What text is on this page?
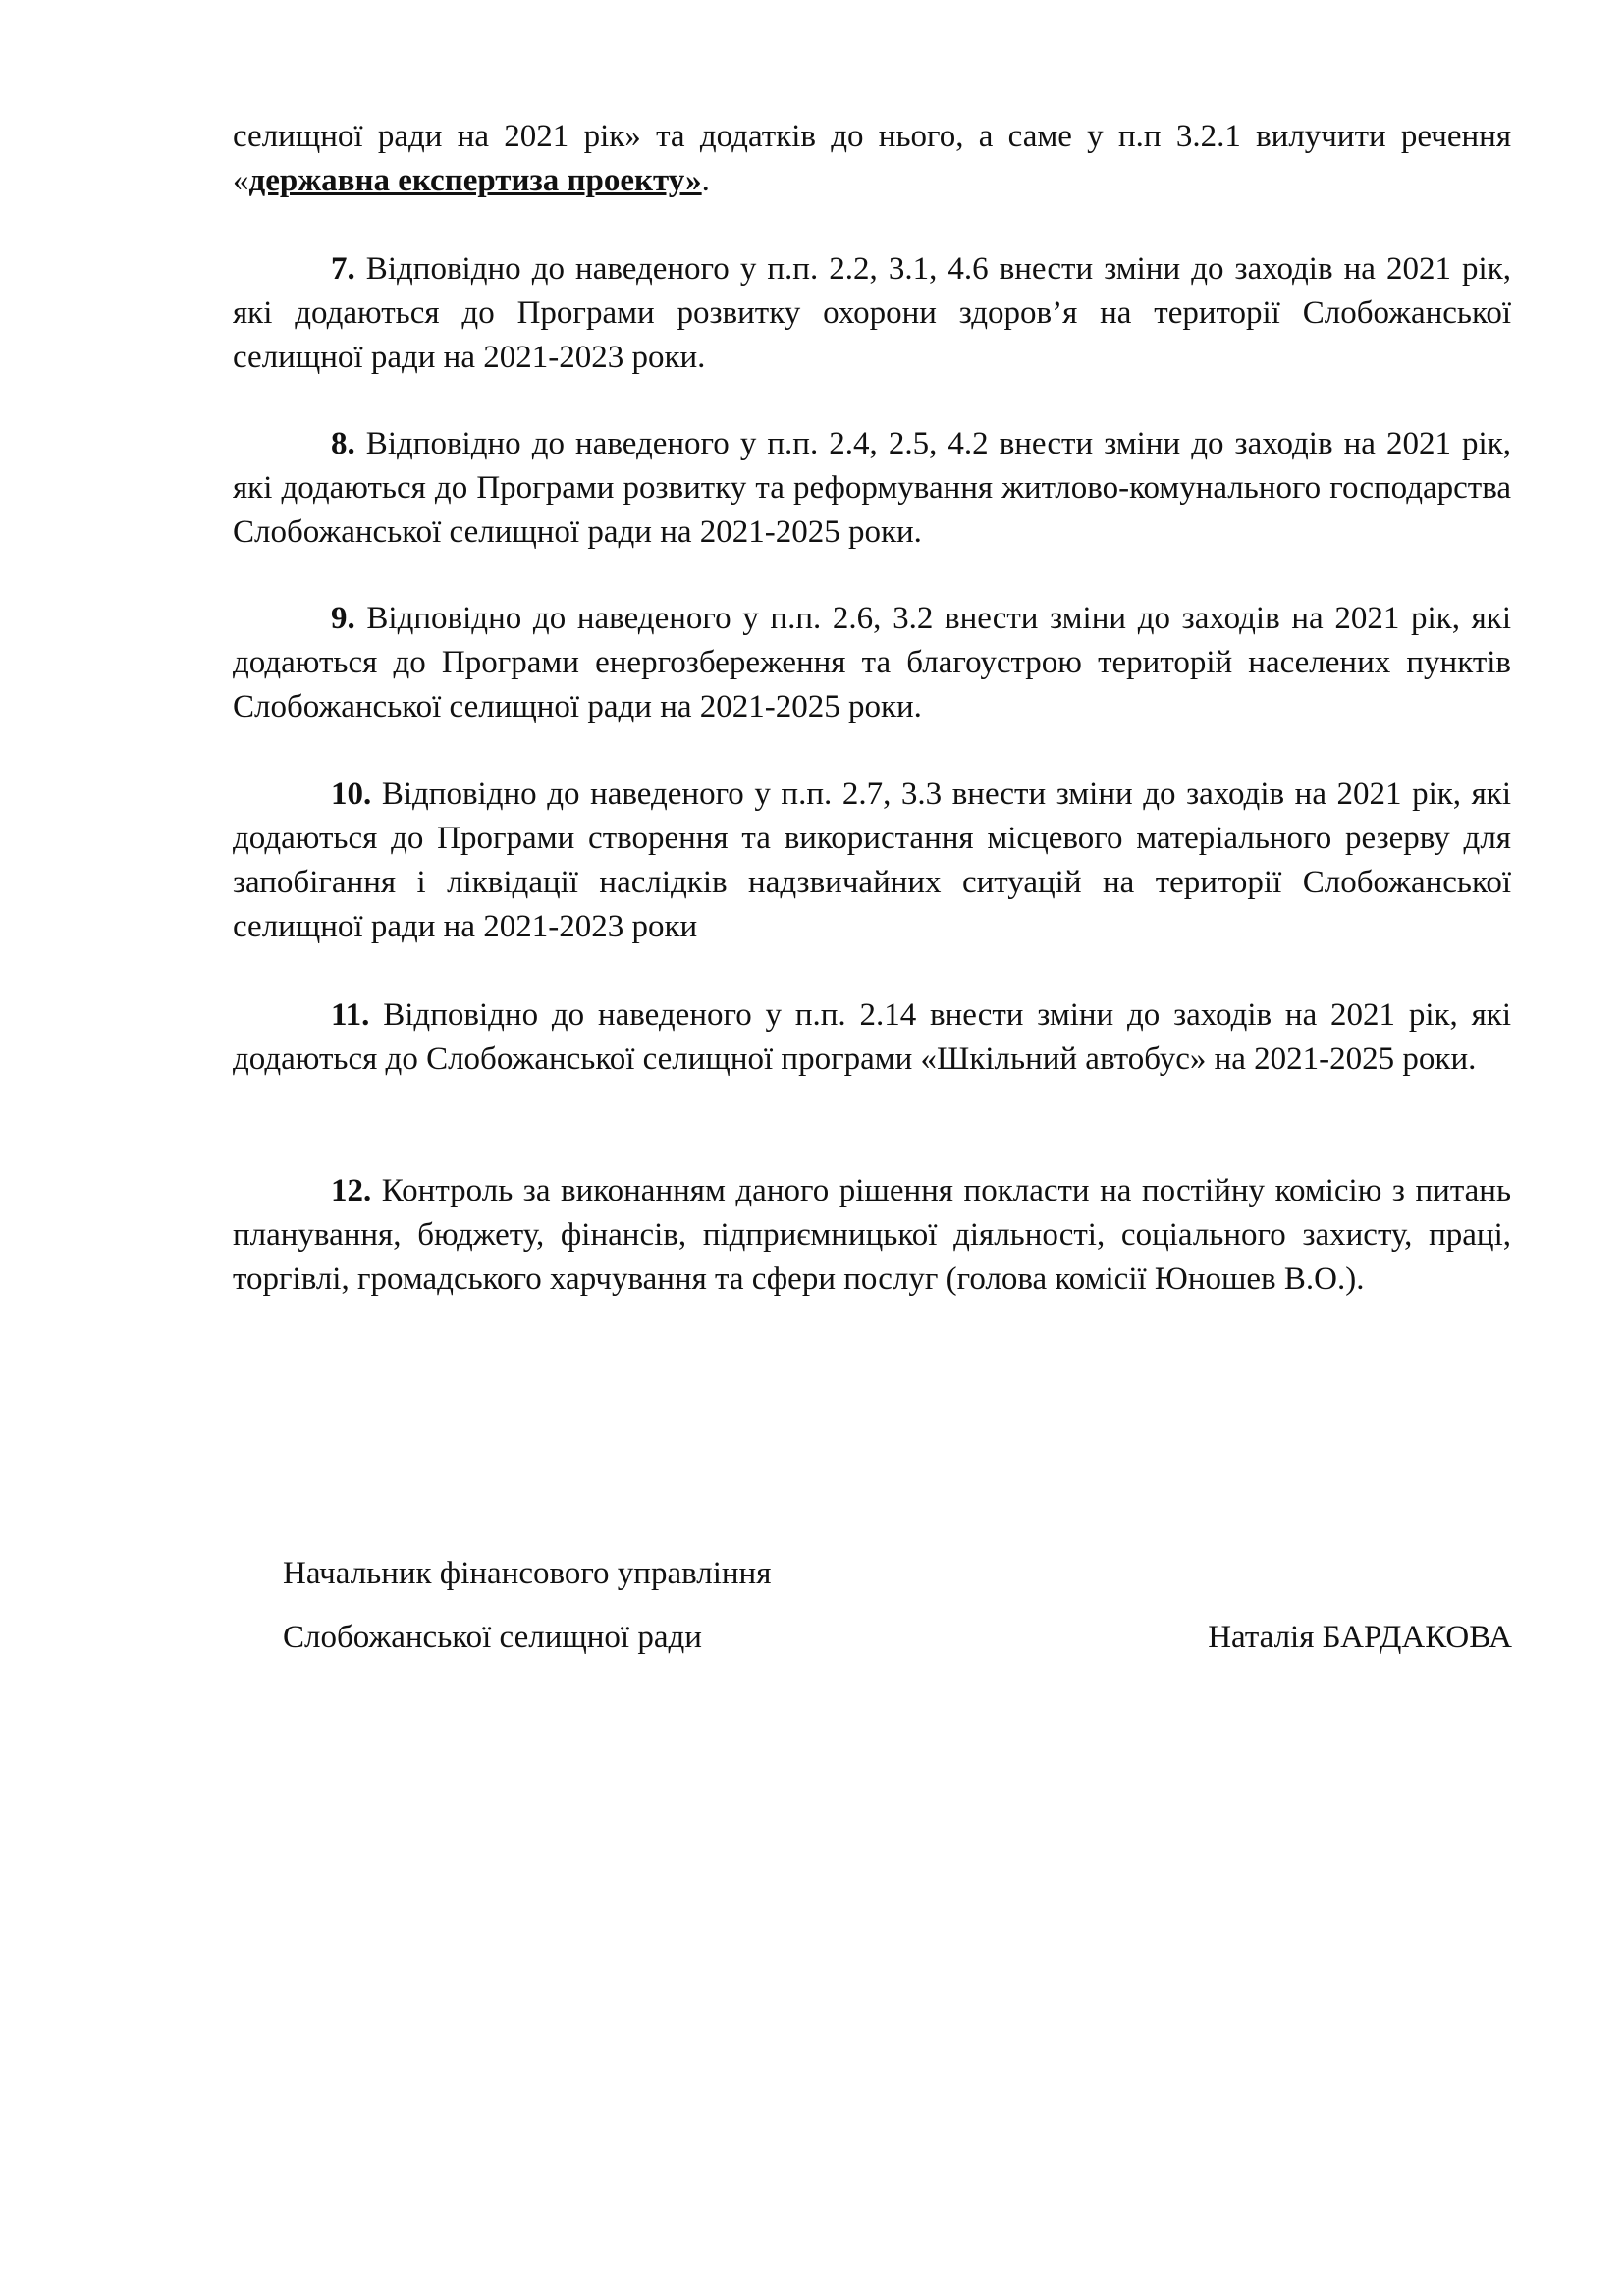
селищної ради на 2021 рік» та додатків до нього, а саме у п.п 3.2.1 вилучити речення «державна експертиза проекту».

7. Відповідно до наведеного у п.п. 2.2, 3.1, 4.6 внести зміни до заходів на 2021 рік, які додаються до Програми розвитку охорони здоров’я на території Слобожанської селищної ради на 2021-2023 роки.

8. Відповідно до наведеного у п.п. 2.4, 2.5, 4.2 внести зміни до заходів на 2021 рік, які додаються до Програми розвитку та реформування житлово-комунального господарства Слобожанської селищної ради на 2021-2025 роки.

9. Відповідно до наведеного у п.п. 2.6, 3.2 внести зміни до заходів на 2021 рік, які додаються до Програми енергозбереження та благоустрою територій населених пунктів Слобожанської селищної ради на 2021-2025 роки.

10. Відповідно до наведеного у п.п. 2.7, 3.3 внести зміни до заходів на 2021 рік, які додаються до Програми створення та використання місцевого матеріального резерву для запобігання і ліквідації наслідків надзвичайних ситуацій на території Слобожанської селищної ради на 2021-2023 роки

11. Відповідно до наведеного у п.п. 2.14 внести зміни до заходів на 2021 рік, які додаються до Слобожанської селищної програми «Шкільний автобус» на 2021-2025 роки.

12. Контроль за виконанням даного рішення покласти на постійну комісію з питань планування, бюджету, фінансів, підприємницької діяльності, соціального захисту, праці, торгівлі, громадського харчування та сфери послуг (голова комісії Юношев В.О.).

Начальник фінансового управління
Слобожанської селищної ради	Наталія БАРДАКОВА
